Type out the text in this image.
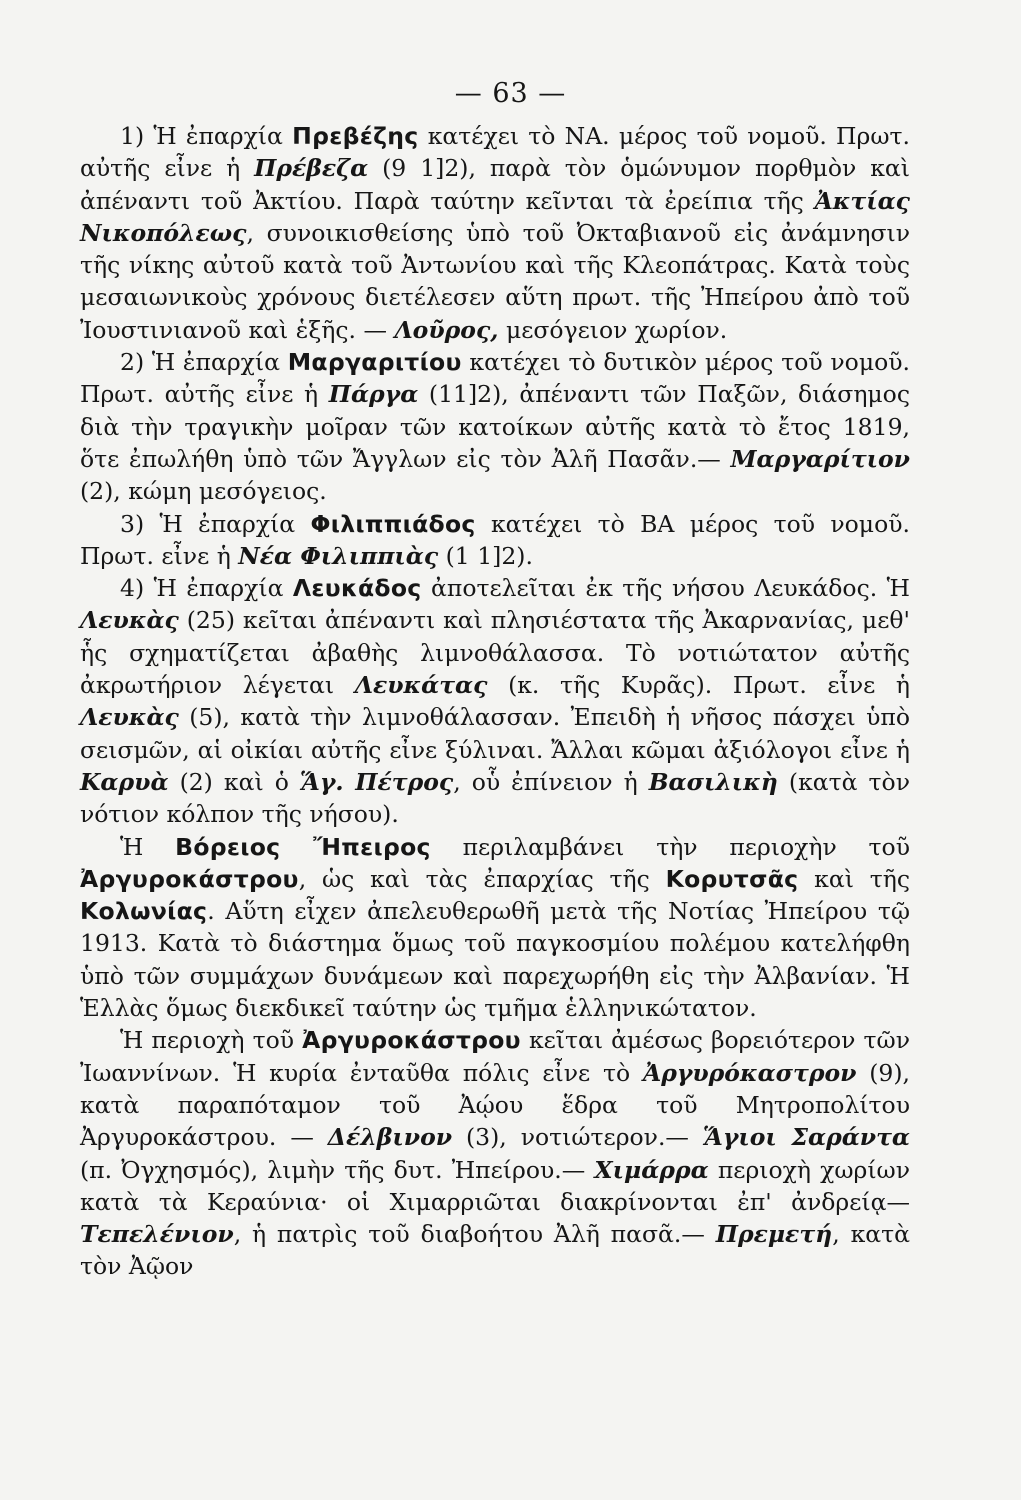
— 63 —

1) Ἡ ἐπαρχία Πρεβέζης κατέχει τὸ ΝΑ. μέρος τοῦ νομοῦ. Πρωτ. αὐτῆς εἶνε ἡ Πρέβεζα (9 1]2), παρὰ τὸν ὁμώνυμον πορθμὸν καὶ ἀπέναντι τοῦ Ἀκτίου. Παρὰ ταύτην κεῖνται τὰ ἐρείπια τῆς Ἀκτίας Νικοπόλεως, συνοικισθείσης ὑπὸ τοῦ Ὀκταβιανοῦ εἰς ἀνάμνησιν τῆς νίκης αὐτοῦ κατὰ τοῦ Ἀντωνίου καὶ τῆς Κλεοπάτρας. Κατὰ τοὺς μεσαιωνικοὺς χρόνους διετέλεσεν αὕτη πρωτ. τῆς Ἠπείρου ἀπὸ τοῦ Ἰουστινιανοῦ καὶ ἑξῆς. — Λοῦρος, μεσόγειον χωρίον.

2) Ἡ ἐπαρχία Μαργαριτίου κατέχει τὸ δυτικὸν μέρος τοῦ νομοῦ. Πρωτ. αὐτῆς εἶνε ἡ Πάργα (11]2), ἀπέναντι τῶν Παξῶν, διάσημος διὰ τὴν τραγικὴν μοῖραν τῶν κατοίκων αὐτῆς κατὰ τὸ ἔτος 1819, ὅτε ἐπωλήθη ὑπὸ τῶν Ἄγγλων εἰς τὸν Ἀλῆ Πασᾶν.— Μαργαρίτιον (2), κώμη μεσόγειος.

3) Ἡ ἐπαρχία Φιλιππιάδος κατέχει τὸ ΒΑ μέρος τοῦ νομοῦ. Πρωτ. εἶνε ἡ Νέα Φιλιππιὰς (1 1]2).

4) Ἡ ἐπαρχία Λευκάδος ἀποτελεῖται ἐκ τῆς νήσου Λευκάδος. Ἡ Λευκὰς (25) κεῖται ἀπέναντι καὶ πλησιέστατα τῆς Ἀκαρνανίας, μεθ' ἧς σχηματίζεται ἀβαθὴς λιμνοθάλασσα. Τὸ νοτιώτατον αὐτῆς ἀκρωτήριον λέγεται Λευκάτας (κ. τῆς Κυρᾶς). Πρωτ. εἶνε ἡ Λευκὰς (5), κατὰ τὴν λιμνοθάλασσαν. Ἐπειδὴ ἡ νῆσος πάσχει ὑπὸ σεισμῶν, αἱ οἰκίαι αὐτῆς εἶνε ξύλιναι. Ἄλλαι κῶμαι ἀξιόλογοι εἶνε ἡ Καρυὰ (2) καὶ ὁ Ἅγ. Πέτρος, οὗ ἐπίνειον ἡ Βασιλικὴ (κατὰ τὸν νότιον κόλπον τῆς νήσου).

Ἡ Βόρειος Ἤπειρος περιλαμβάνει τὴν περιοχὴν τοῦ Ἀργυροκάστρου, ὡς καὶ τὰς ἐπαρχίας τῆς Κορυτσᾶς καὶ τῆς Κολωνίας. Αὕτη εἶχεν ἀπελευθερωθῆ μετὰ τῆς Νοτίας Ἠπείρου τῷ 1913. Κατὰ τὸ διάστημα ὅμως τοῦ παγκοσμίου πολέμου κατελήφθη ὑπὸ τῶν συμμάχων δυνάμεων καὶ παρεχωρήθη εἰς τὴν Ἀλβανίαν. Ἡ Ἑλλὰς ὅμως διεκδικεῖ ταύτην ὡς τμῆμα ἑλληνικώτατον.

Ἡ περιοχὴ τοῦ Ἀργυροκάστρου κεῖται ἀμέσως βορειότερον τῶν Ἰωαννίνων. Ἡ κυρία ἐνταῦθα πόλις εἶνε τὸ Ἀργυρόκαστρον (9), κατὰ παραπόταμον τοῦ Ἀῴου ἕδρα τοῦ Μητροπολίτου Ἀργυροκάστρου. — Δέλβινον (3), νοτιώτερον.— Ἅγιοι Σαράντα (π. Ὀγχησμός), λιμὴν τῆς δυτ. Ἠπείρου.— Χιμάρρα περιοχὴ χωρίων κατὰ τὰ Κεραύνια· οἱ Χιμαρριῶται διακρίνονται ἐπ' ἀνδρείᾳ— Τεπελένιον, ἡ πατρὶς τοῦ διαβοήτου Ἀλῆ πασᾶ.— Πρεμετή, κατὰ τὸν Ἀῷον
